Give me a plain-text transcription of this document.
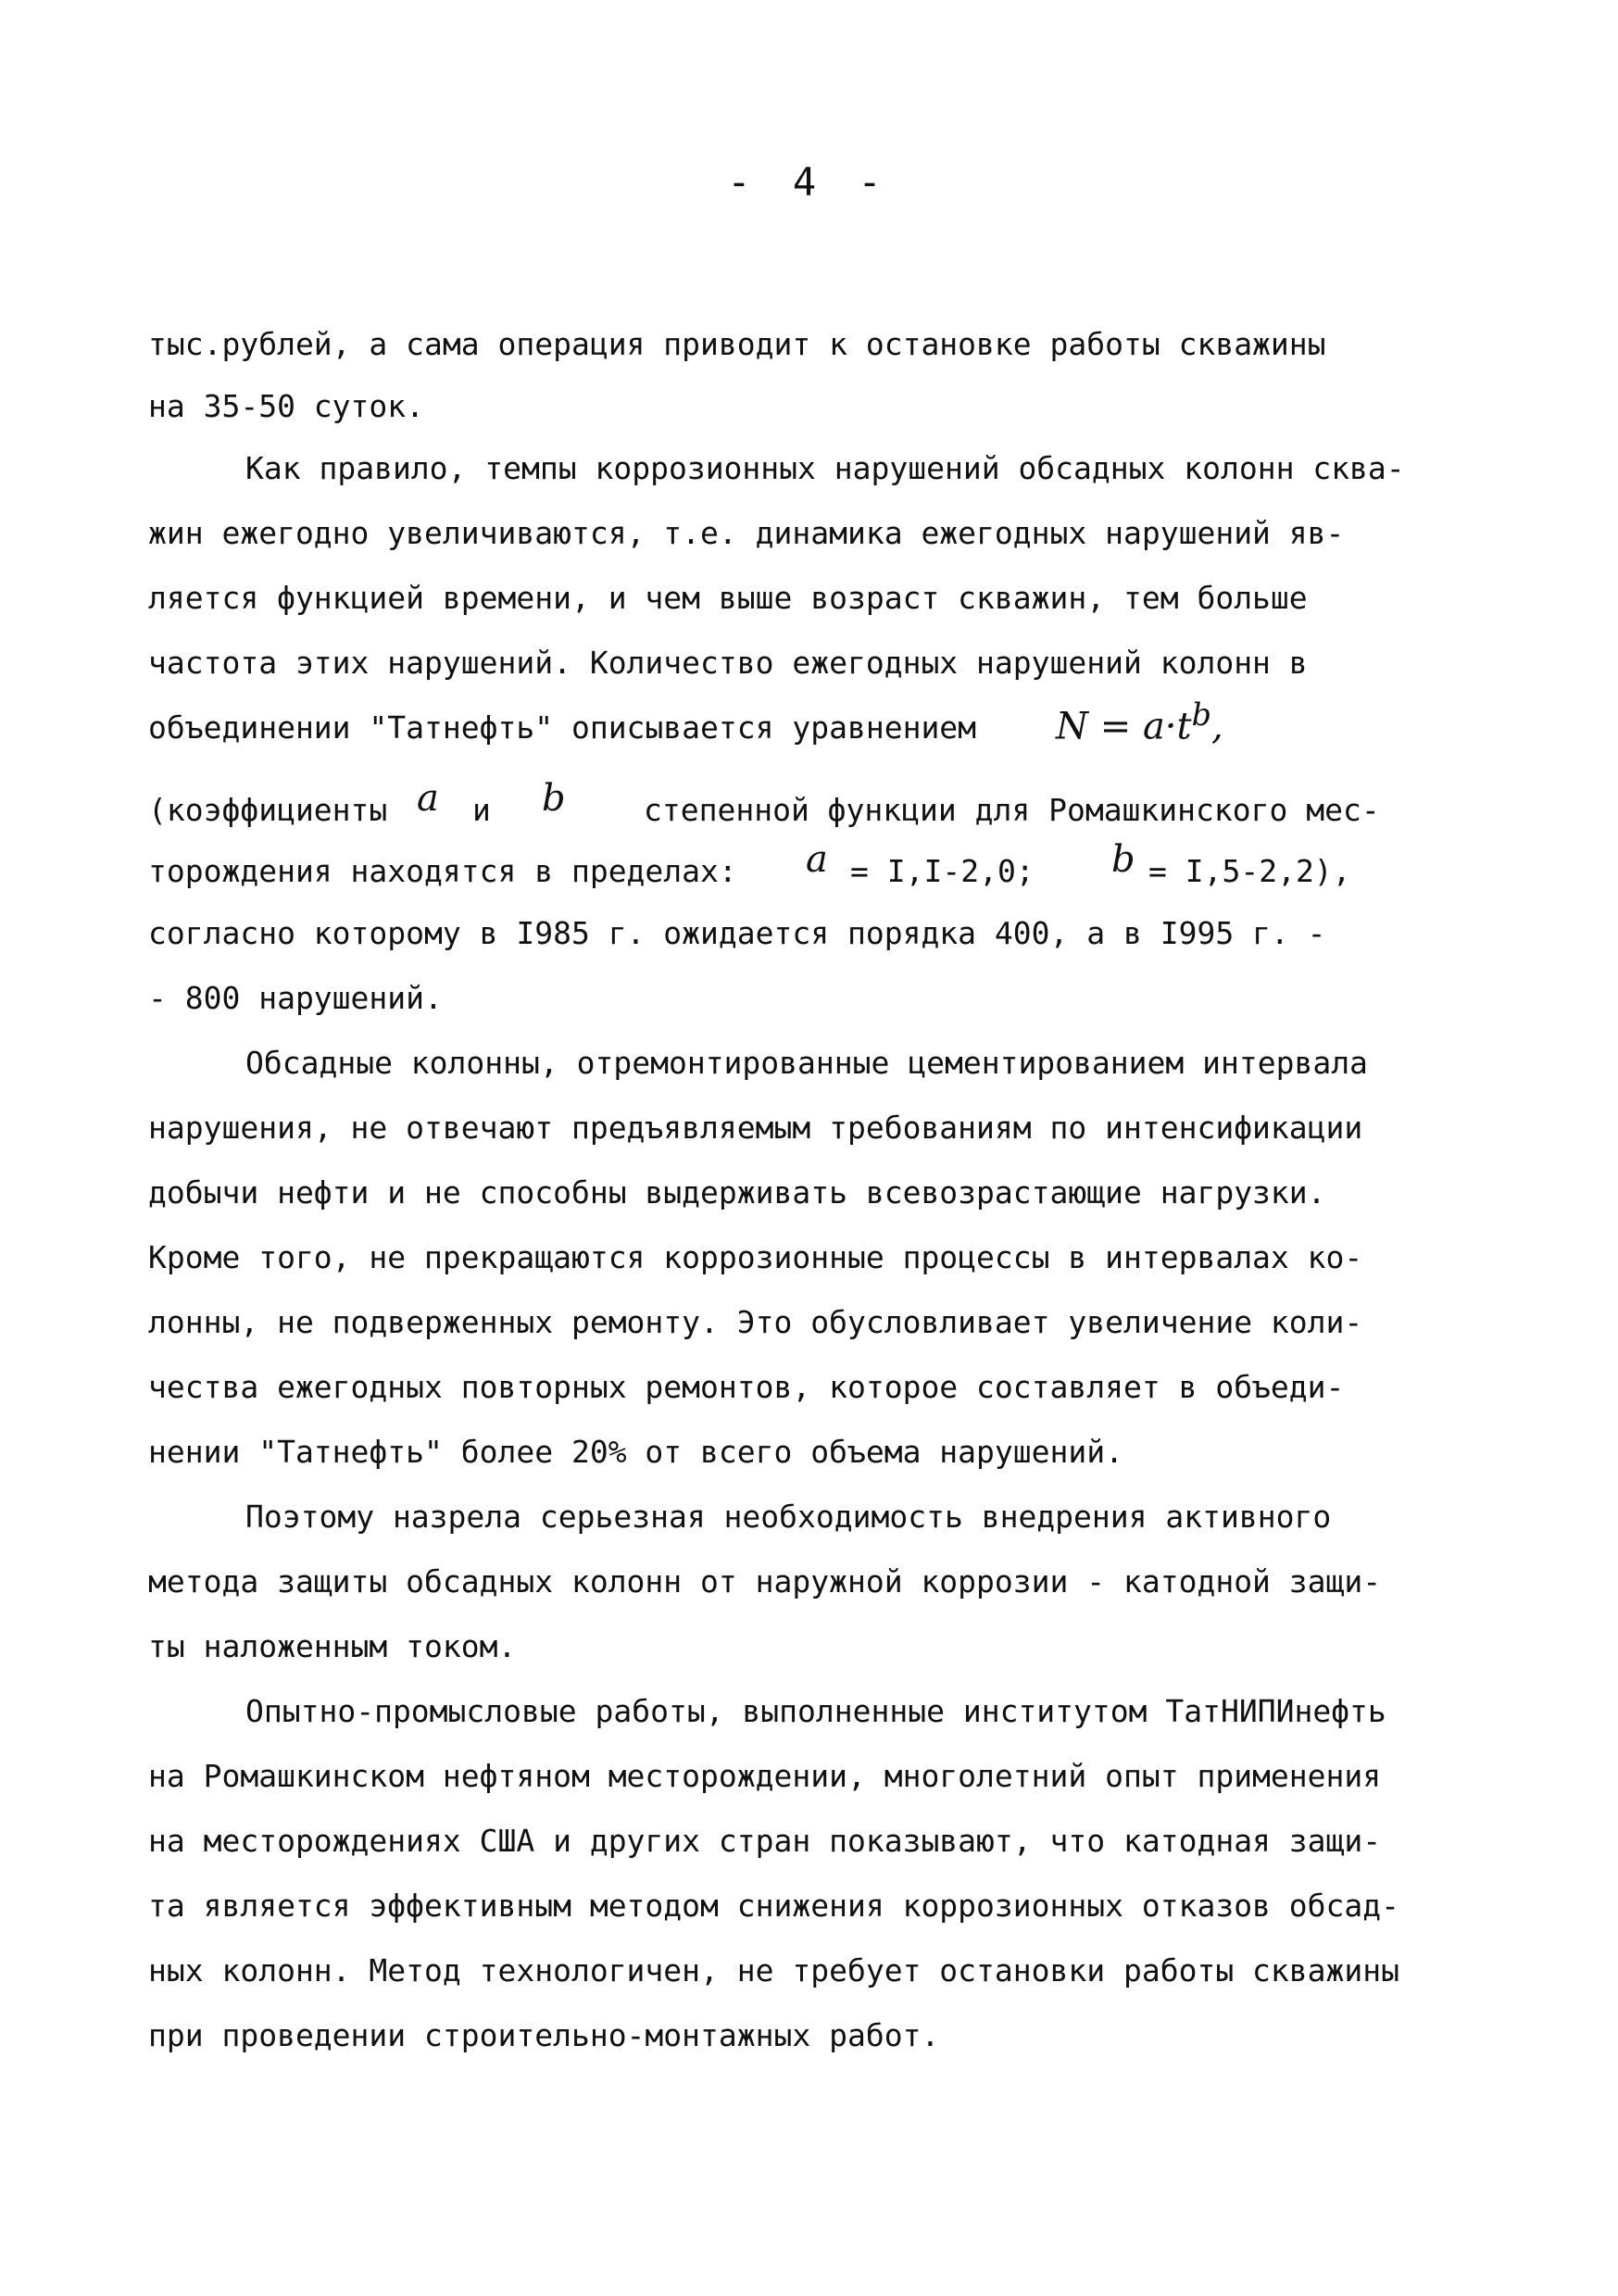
- 4 -
тыс.рублей, а сама операция приводит к остановке работы скважины
на 35-50 суток.
Как правило, темпы коррозионных нарушений обсадных колонн сква-
жин ежегодно увеличиваются, т.е. динамика ежегодных нарушений яв-
ляется функцией времени, и чем выше возраст скважин, тем больше
частота этих нарушений. Количество ежегодных нарушений колонн в
объединении "Татнефть" описывается уравнением $N = a\cdot t^b$,
(коэффициенты a и b	степенной функции для Ромашкинского мес-
торождения находятся в пределах: a = I,I-2,0; b = I,5-2,2),
согласно которому в I985 г. ожидается порядка 400, а в I995 г. -
- 800 нарушений.
Обсадные колонны, отремонтированные цементированием интервала
нарушения, не отвечают предъявляемым требованиям по интенсификации
добычи нефти и не способны выдерживать всевозрастающие нагрузки.
Кроме того, не прекращаются коррозионные процессы в интервалах ко-
лонны, не подверженных ремонту. Это обусловливает увеличение коли-
чества ежегодных повторных ремонтов, которое составляет в объеди-
нении "Татнефть" более 20% от всего объема нарушений.
Поэтому назрела серьезная необходимость внедрения активного
метода защиты обсадных колонн от наружной коррозии - катодной защи-
ты наложенным током.
Опытно-промысловые работы, выполненные институтом ТатНИПИнефть
на Ромашкинском нефтяном месторождении, многолетний опыт применения
на месторождениях США и других стран показывают, что катодная защи-
та является эффективным методом снижения коррозионных отказов обсад-
ных колонн. Метод технологичен, не требует остановки работы скважины
при проведении строительно-монтажных работ.
